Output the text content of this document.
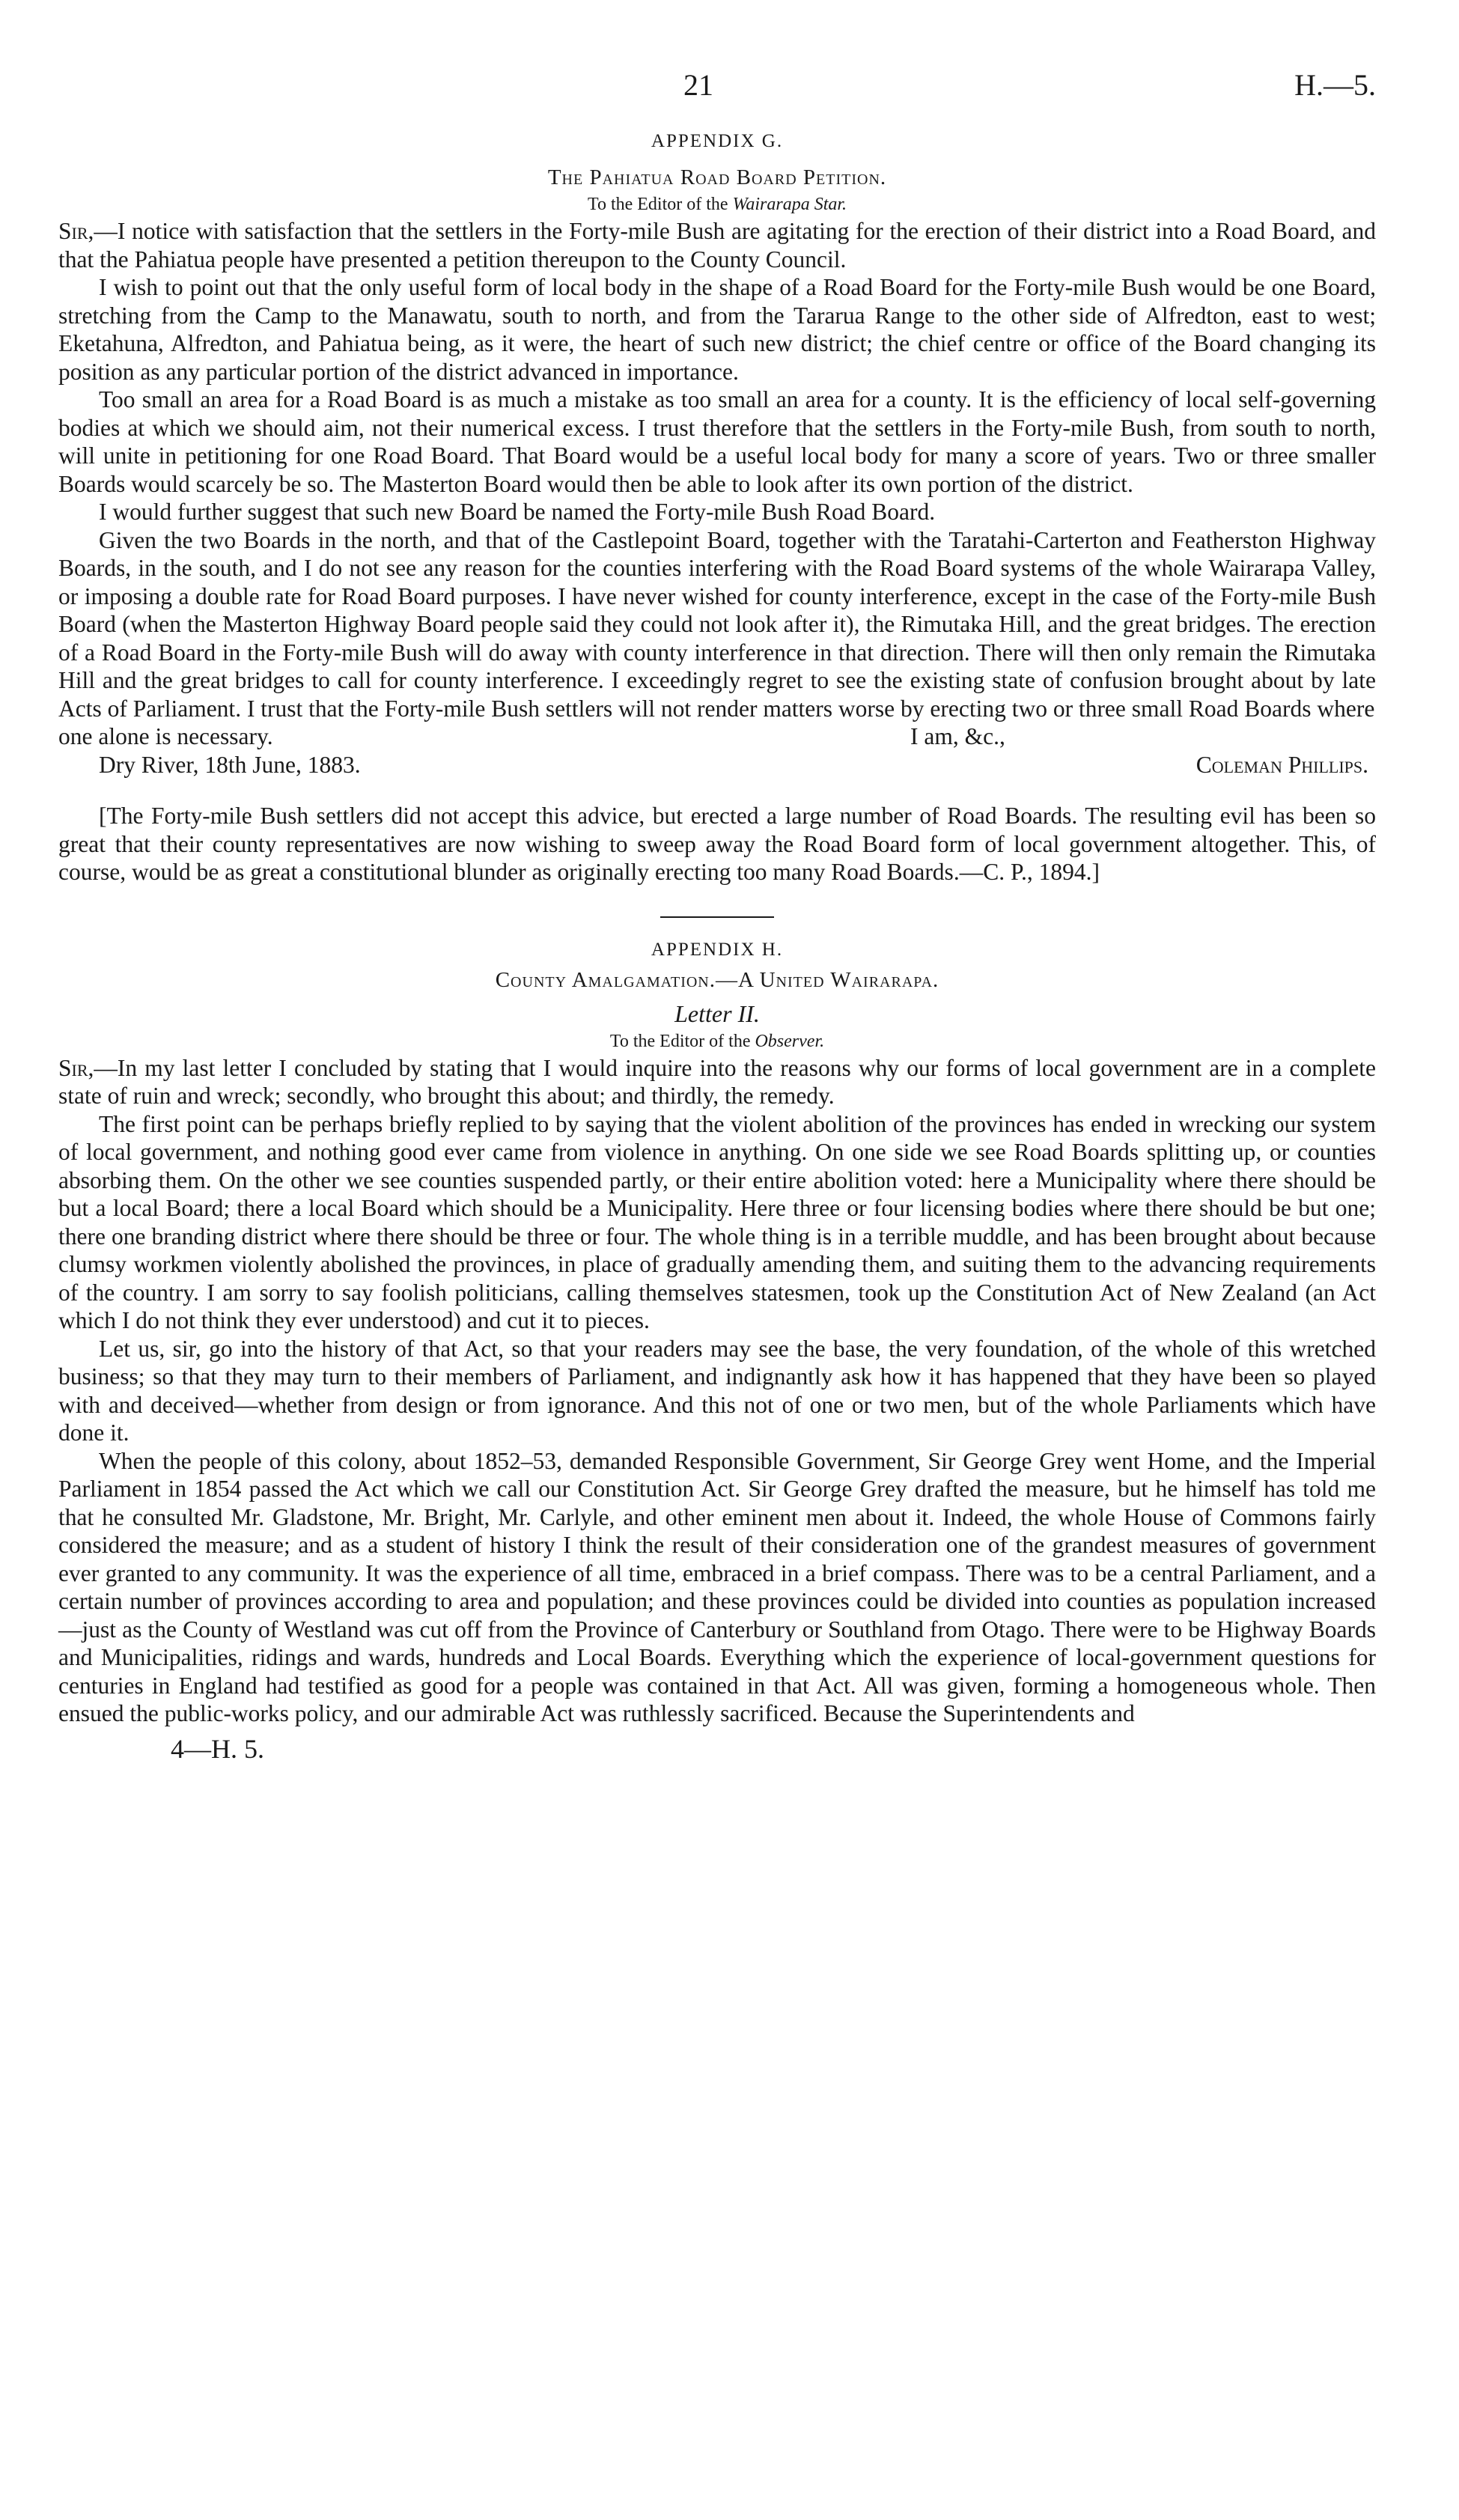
21	H.—5.
APPENDIX G.
The Pahiatua Road Board Petition.
To the Editor of the Wairarapa Star.

Sir,—I notice with satisfaction that the settlers in the Forty-mile Bush are agitating for the erection of their district into a Road Board, and that the Pahiatua people have presented a petition thereupon to the County Council.

I wish to point out that the only useful form of local body in the shape of a Road Board for the Forty-mile Bush would be one Board, stretching from the Camp to the Manawatu, south to north, and from the Tararua Range to the other side of Alfredton, east to west; Eketahuna, Alfredton, and Pahiatua being, as it were, the heart of such new district; the chief centre or office of the Board changing its position as any particular portion of the district advanced in importance.

Too small an area for a Road Board is as much a mistake as too small an area for a county. It is the efficiency of local self-governing bodies at which we should aim, not their numerical excess. I trust therefore that the settlers in the Forty-mile Bush, from south to north, will unite in petitioning for one Road Board. That Board would be a useful local body for many a score of years. Two or three smaller Boards would scarcely be so. The Masterton Board would then be able to look after its own portion of the district.

I would further suggest that such new Board be named the Forty-mile Bush Road Board.

Given the two Boards in the north, and that of the Castlepoint Board, together with the Taratahi-Carterton and Featherston Highway Boards, in the south, and I do not see any reason for the counties interfering with the Road Board systems of the whole Wairarapa Valley, or imposing a double rate for Road Board purposes. I have never wished for county interference, except in the case of the Forty-mile Bush Board (when the Masterton Highway Board people said they could not look after it), the Rimutaka Hill, and the great bridges. The erection of a Road Board in the Forty-mile Bush will do away with county interference in that direction. There will then only remain the Rimutaka Hill and the great bridges to call for county interference. I exceedingly regret to see the existing state of confusion brought about by late Acts of Parliament. I trust that the Forty-mile Bush settlers will not render matters worse by erecting two or three small Road Boards where

one alone is necessary.	I am, &c.,
Dry River, 18th June, 1883.	Coleman Phillips.

[The Forty-mile Bush settlers did not accept this advice, but erected a large number of Road Boards. The resulting evil has been so great that their county representatives are now wishing to sweep away the Road Board form of local government altogether. This, of course, would be as great a constitutional blunder as originally erecting too many Road Boards.—C. P., 1894.]

APPENDIX H.
County Amalgamation.—A United Wairarapa.
Letter II.
To the Editor of the Observer.

Sir,—In my last letter I concluded by stating that I would inquire into the reasons why our forms of local government are in a complete state of ruin and wreck; secondly, who brought this about; and thirdly, the remedy.

The first point can be perhaps briefly replied to by saying that the violent abolition of the provinces has ended in wrecking our system of local government, and nothing good ever came from violence in anything. On one side we see Road Boards splitting up, or counties absorbing them. On the other we see counties suspended partly, or their entire abolition voted: here a Municipality where there should be but a local Board; there a local Board which should be a Municipality. Here three or four licensing bodies where there should be but one; there one branding district where there should be three or four. The whole thing is in a terrible muddle, and has been brought about because clumsy workmen violently abolished the provinces, in place of gradually amending them, and suiting them to the advancing requirements of the country. I am sorry to say foolish politicians, calling themselves statesmen, took up the Constitution Act of New Zealand (an Act which I do not think they ever understood) and cut it to pieces.

Let us, sir, go into the history of that Act, so that your readers may see the base, the very foundation, of the whole of this wretched business; so that they may turn to their members of Parliament, and indignantly ask how it has happened that they have been so played with and deceived—whether from design or from ignorance. And this not of one or two men, but of the whole Parliaments which have done it.

When the people of this colony, about 1852–53, demanded Responsible Government, Sir George Grey went Home, and the Imperial Parliament in 1854 passed the Act which we call our Constitution Act. Sir George Grey drafted the measure, but he himself has told me that he consulted Mr. Gladstone, Mr. Bright, Mr. Carlyle, and other eminent men about it. Indeed, the whole House of Commons fairly considered the measure; and as a student of history I think the result of their consideration one of the grandest measures of government ever granted to any community. It was the experience of all time, embraced in a brief compass. There was to be a central Parliament, and a certain number of provinces according to area and population; and these provinces could be divided into counties as population increased—just as the County of Westland was cut off from the Province of Canterbury or Southland from Otago. There were to be Highway Boards and Municipalities, ridings and wards, hundreds and Local Boards. Everything which the experience of local-government questions for centuries in England had testified as good for a people was contained in that Act. All was given, forming a homogeneous whole. Then ensued the public-works policy, and our admirable Act was ruthlessly sacrificed. Because the Superintendents and

4—H. 5.
